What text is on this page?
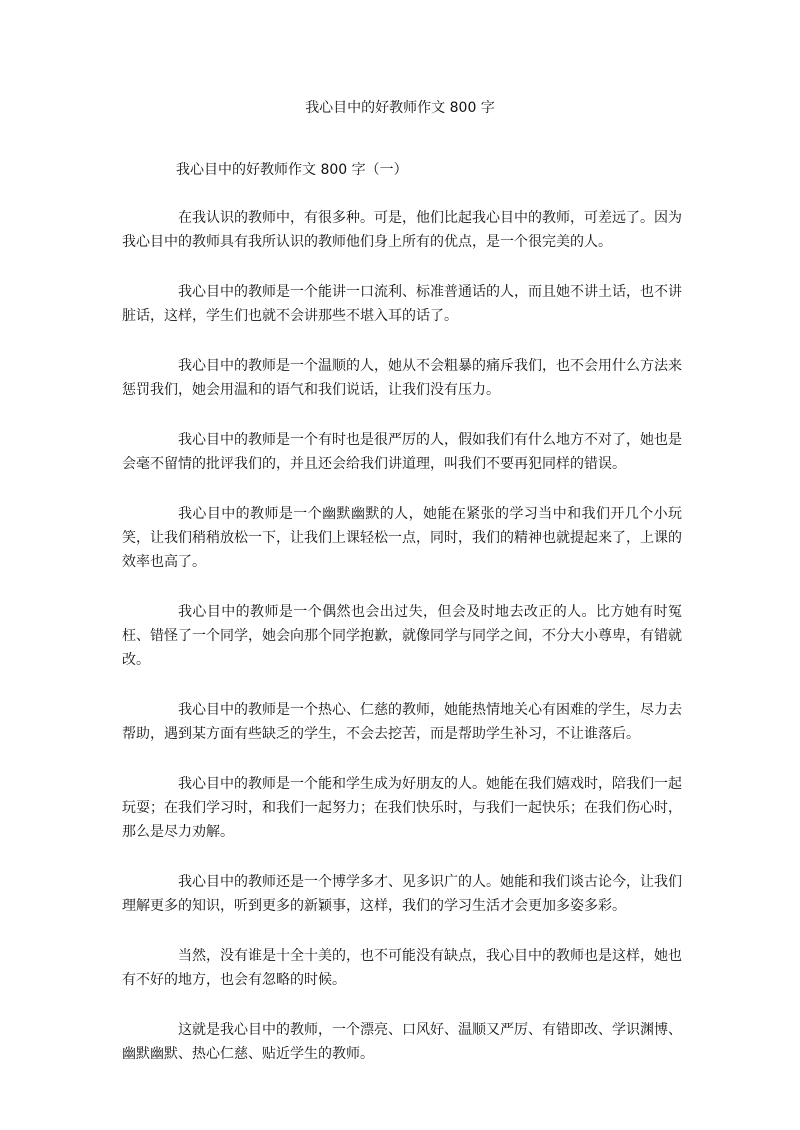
我心目中的好教师作文 800 字
我心目中的好教师作文 800 字（一）

在我认识的教师中，有很多种。可是，他们比起我心目中的教师，可差远了。因为我心目中的教师具有我所认识的教师他们身上所有的优点，是一个很完美的人。

我心目中的教师是一个能讲一口流利、标准普通话的人，而且她不讲土话，也不讲脏话，这样，学生们也就不会讲那些不堪入耳的话了。

我心目中的教师是一个温顺的人，她从不会粗暴的痛斥我们，也不会用什么方法来惩罚我们，她会用温和的语气和我们说话，让我们没有压力。

我心目中的教师是一个有时也是很严厉的人，假如我们有什么地方不对了，她也是会毫不留情的批评我们的，并且还会给我们讲道理，叫我们不要再犯同样的错误。

我心目中的教师是一个幽默幽默的人，她能在紧张的学习当中和我们开几个小玩笑，让我们稍稍放松一下，让我们上课轻松一点，同时，我们的精神也就提起来了，上课的效率也高了。

我心目中的教师是一个偶然也会出过失，但会及时地去改正的人。比方她有时冤枉、错怪了一个同学，她会向那个同学抱歉，就像同学与同学之间，不分大小尊卑，有错就改。

我心目中的教师是一个热心、仁慈的教师，她能热情地关心有困难的学生，尽力去帮助，遇到某方面有些缺乏的学生，不会去挖苦，而是帮助学生补习，不让谁落后。

我心目中的教师是一个能和学生成为好朋友的人。她能在我们嬉戏时，陪我们一起玩耍；在我们学习时，和我们一起努力；在我们快乐时，与我们一起快乐；在我们伤心时，那么是尽力劝解。

我心目中的教师还是一个博学多才、见多识广的人。她能和我们谈古论今，让我们理解更多的知识，听到更多的新颖事，这样，我们的学习生活才会更加多姿多彩。

当然，没有谁是十全十美的，也不可能没有缺点，我心目中的教师也是这样，她也有不好的地方，也会有忽略的时候。

这就是我心目中的教师，一个漂亮、口风好、温顺又严厉、有错即改、学识渊博、幽默幽默、热心仁慈、贴近学生的教师。
